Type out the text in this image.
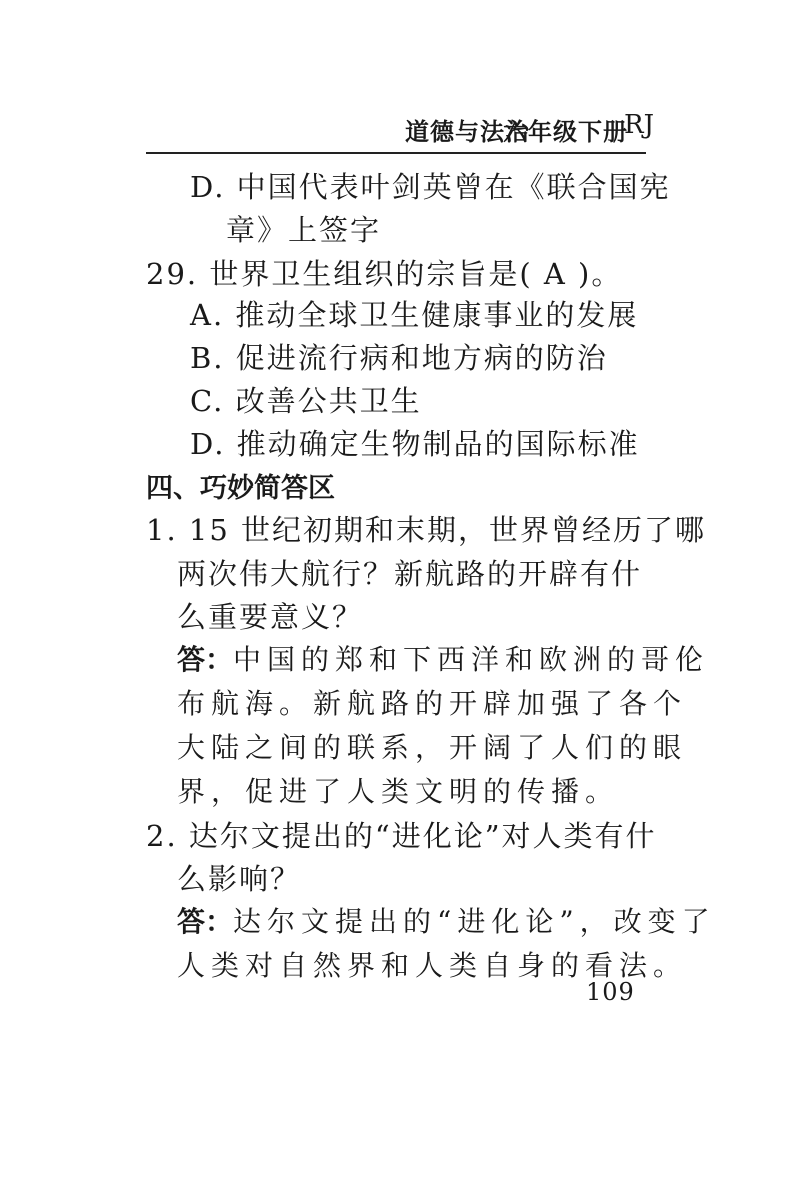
道德与法治
六年级下册
RJ
D. 中国代表叶剑英曾在《联合国宪
章》上签字
29. 世界卫生组织的宗旨是( A )。
A. 推动全球卫生健康事业的发展
B. 促进流行病和地方病的防治
C. 改善公共卫生
D. 推动确定生物制品的国际标准
四、巧妙简答区
1. 15 世纪初期和末期，世界曾经历了哪
两次伟大航行？新航路的开辟有什
么重要意义？
答：中国的郑和下西洋和欧洲的哥伦
布航海。新航路的开辟加强了各个
大陆之间的联系，开阔了人们的眼
界，促进了人类文明的传播。
2. 达尔文提出的“进化论”对人类有什
么影响？
答：达尔文提出的“进化论”，改变了
人类对自然界和人类自身的看法。
109
